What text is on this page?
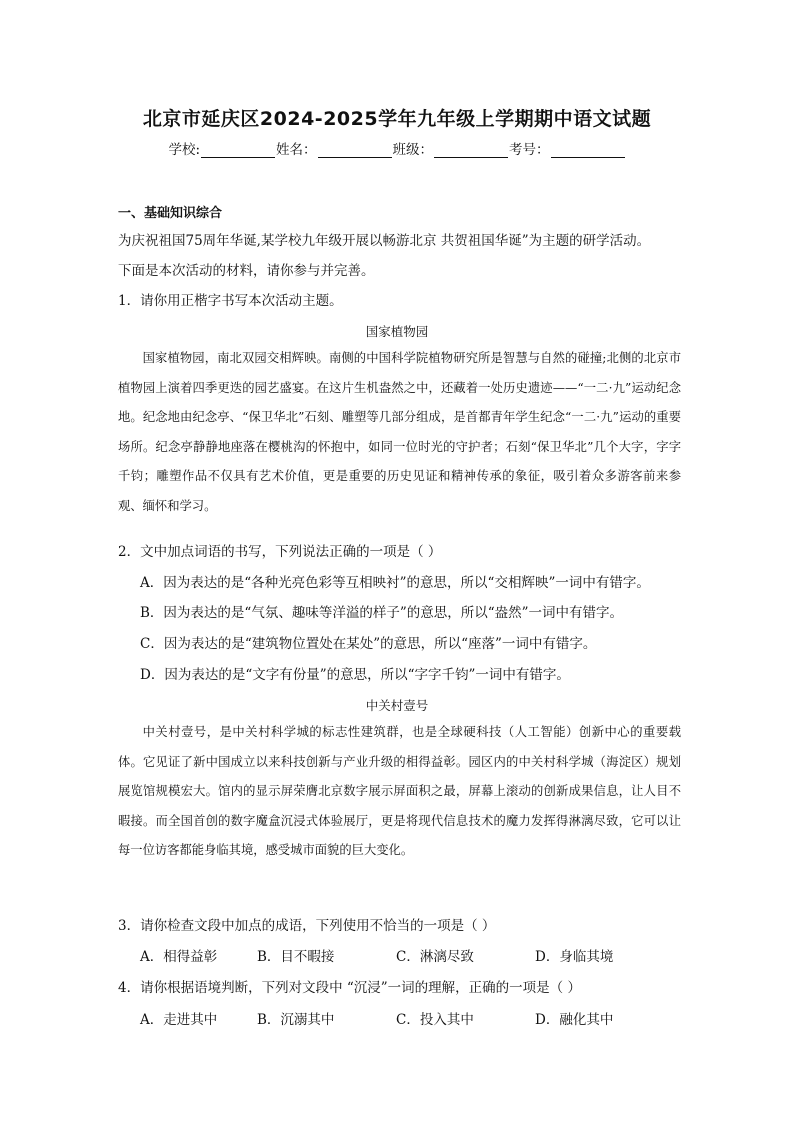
北京市延庆区2024-2025学年九年级上学期期中语文试题
学校:	姓名：	班级：	考号：
一、基础知识综合
为庆祝祖国75周年华诞,某学校九年级开展以畅游北京 共贺祖国华诞”为主题的研学活动。
下面是本次活动的材料，请你参与并完善。
1．请你用正楷字书写本次活动主题。
国家植物园
国家植物园，南北双园交相辉映。南侧的中国科学院植物研究所是智慧与自然的碰撞;北侧的北京市植物园上演着四季更迭的园艺盛宴。在这片生机盎然之中，还藏着一处历史遗迹——“一二·九”运动纪念地。纪念地由纪念亭、“保卫华北”石刻、雕塑等几部分组成，是首都青年学生纪念“一二·九”运动的重要场所。纪念亭静静地座落在樱桃沟的怀抱中，如同一位时光的守护者；石刻“保卫华北”几个大字，字字千钧；雕塑作品不仅具有艺术价值，更是重要的历史见证和精神传承的象征，吸引着众多游客前来参观、缅怀和学习。
2．文中加点词语的书写，下列说法正确的一项是（ ）
A．因为表达的是“各种光亮色彩等互相映衬”的意思，所以“交相辉映”一词中有错字。
B．因为表达的是“气氛、趣味等洋溢的样子”的意思，所以“盎然”一词中有错字。
C．因为表达的是“建筑物位置处在某处”的意思，所以“座落”一词中有错字。
D．因为表达的是“文字有份量”的意思，所以“字字千钧”一词中有错字。
中关村壹号
中关村壹号，是中关村科学城的标志性建筑群，也是全球硬科技（人工智能）创新中心的重要载体。它见证了新中国成立以来科技创新与产业升级的相得益彰。园区内的中关村科学城（海淀区）规划展览馆规模宏大。馆内的显示屏荣膺北京数字展示屏面积之最，屏幕上滚动的创新成果信息，让人目不暇接。而全国首创的数字魔盒沉浸式体验展厅，更是将现代信息技术的魔力发挥得淋漓尽致，它可以让每一位访客都能身临其境，感受城市面貌的巨大变化。
3．请你检查文段中加点的成语，下列使用不恰当的一项是（ ）
A．相得益彰	B．目不暇接	C．淋漓尽致	D．身临其境
4．请你根据语境判断，下列对文段中 “沉浸”一词的理解，正确的一项是（ ）
A．走进其中	B．沉溺其中	C．投入其中	D．融化其中
